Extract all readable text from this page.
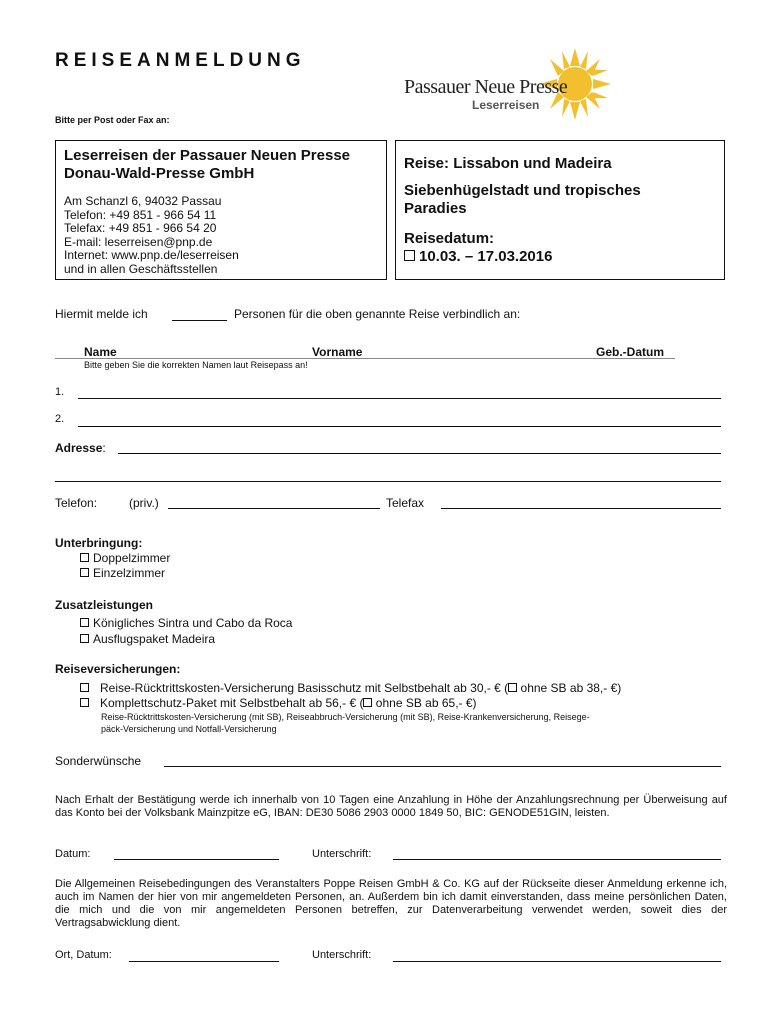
REISEANMELDUNG
Bitte per Post oder Fax an:
Passauer Neue Presse
Leserreisen
Leserreisen der Passauer Neuen Presse
Donau-Wald-Presse GmbH
Am Schanzl 6, 94032 Passau
Telefon: +49 851 - 966 54 11
Telefax: +49 851 - 966 54 20
E-mail: leserreisen@pnp.de
Internet: www.pnp.de/leserreisen
und in allen Geschäftsstellen
Reise: Lissabon und Madeira
Siebenhügelstadt und tropisches
Paradies
Reisedatum:
10.03. – 17.03.2016
Hiermit melde ich	Personen für die oben genannte Reise verbindlich an:
Name	Vorname	Geb.-Datum
Bitte geben Sie die korrekten Namen laut Reisepass an!
1.
2.
Adresse:
Telefon:	(priv.)	Telefax
Unterbringung:
Doppelzimmer
Einzelzimmer
Zusatzleistungen
Königliches Sintra und Cabo da Roca
Ausflugspaket Madeira
Reiseversicherungen:
Reise-Rücktrittskosten-Versicherung Basisschutz mit Selbstbehalt ab 30,- € ( ohne SB ab 38,- €)
Komplettschutz-Paket mit Selbstbehalt ab 56,- € ( ohne SB ab 65,- €)
Reise-Rücktrittskosten-Versicherung (mit SB), Reiseabbruch-Versicherung (mit SB), Reise-Krankenversicherung, Reisege-
päck-Versicherung und Notfall-Versicherung
Sonderwünsche
Nach Erhalt der Bestätigung werde ich innerhalb von 10 Tagen eine Anzahlung in Höhe der Anzahlungsrechnung per Überweisung auf das Konto bei der Volksbank Mainzpitze eG, IBAN: DE30 5086 2903 0000 1849 50, BIC: GENODE51GIN, leisten.
Datum:	Unterschrift:
Die Allgemeinen Reisebedingungen des Veranstalters Poppe Reisen GmbH & Co. KG auf der Rückseite dieser Anmeldung erkenne ich, auch im Namen der hier von mir angemeldeten Personen, an. Außerdem bin ich damit einverstanden, dass meine persönlichen Daten, die mich und die von mir angemeldeten Personen betreffen, zur Datenverarbeitung verwendet werden, soweit dies der Vertragsabwicklung dient.
Ort, Datum:	Unterschrift:
